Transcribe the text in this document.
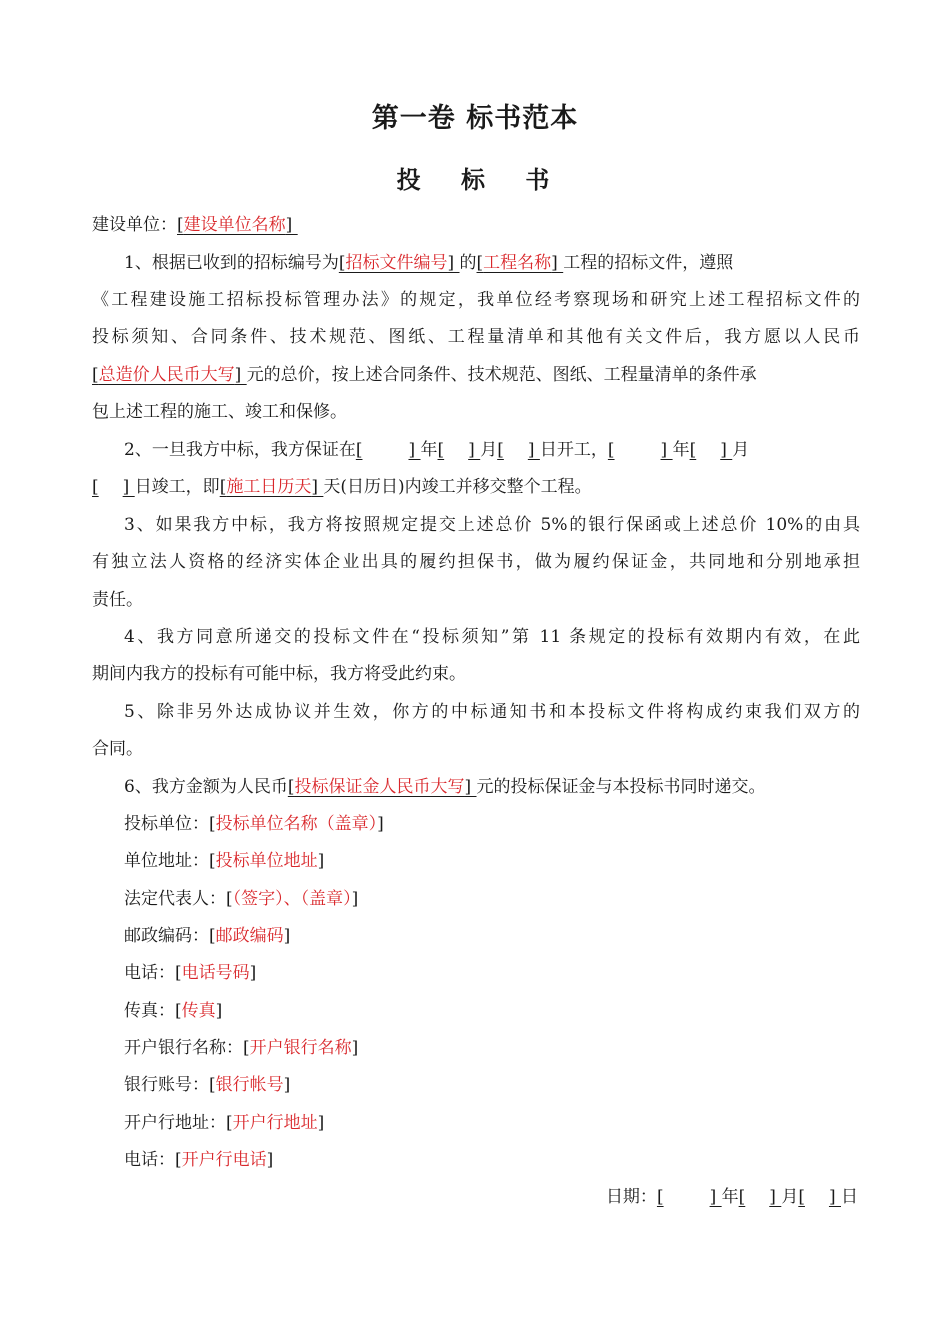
第一卷 标书范本
投 标 书
建设单位：[建设单位名称]
1、根据已收到的招标编号为[招标文件编号] 的[工程名称] 工程的招标文件，遵照
《工程建设施工招标投标管理办法》的规定，我单位经考察现场和研究上述工程招标文件的
投标须知、合同条件、技术规范、图纸、工程量清单和其他有关文件后，我方愿以人民币
[总造价人民币大写] 元的总价，按上述合同条件、技术规范、图纸、工程量清单的条件承
包上述工程的施工、竣工和保修。
2、一旦我方中标，我方保证在[	] 年[ ] 月[ ] 日开工，[	] 年[ ] 月
[ ] 日竣工，即[施工日历天] 天(日历日)内竣工并移交整个工程。
3、如果我方中标，我方将按照规定提交上述总价 5%的银行保函或上述总价 10%的由具
有独立法人资格的经济实体企业出具的履约担保书，做为履约保证金，共同地和分别地承担
责任。
4、我方同意所递交的投标文件在“投标须知”第 11 条规定的投标有效期内有效，在此
期间内我方的投标有可能中标，我方将受此约束。
5、除非另外达成协议并生效，你方的中标通知书和本投标文件将构成约束我们双方的
合同。
6、我方金额为人民币[投标保证金人民币大写] 元的投标保证金与本投标书同时递交。
投标单位：[投标单位名称（盖章）]
单位地址：[投标单位地址]
法定代表人：[（签字）、（盖章）]
邮政编码：[邮政编码]
电话：[电话号码]
传真：[传真]
开户银行名称：[开户银行名称]
银行账号：[银行帐号]
开户行地址：[开户行地址]
电话：[开户行电话]
日期：[	] 年[ ] 月[ ] 日
